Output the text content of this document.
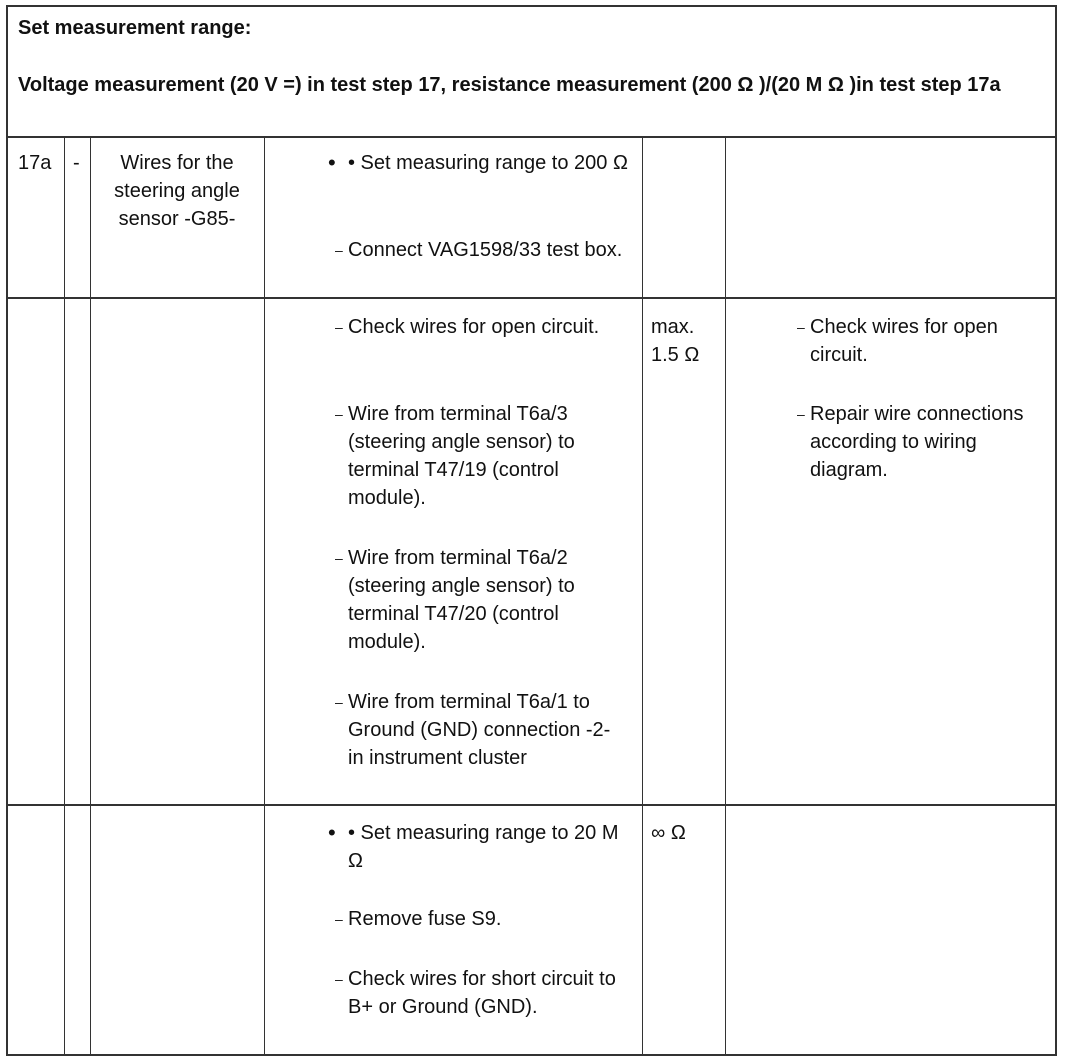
Set measurement range:
Voltage measurement (20 V =) in test step 17, resistance measurement (200 Ω )/(20 M Ω )in test step 17a
17a -	Wires for the steering angle sensor -G85-
• • Set measuring range to 200 Ω
‒ Connect VAG1598/33 test box.
‒ Check wires for open circuit.
‒ Wire from terminal T6a/3 (steering angle sensor) to terminal T47/19 (control module).
‒ Wire from terminal T6a/2 (steering angle sensor) to terminal T47/20 (control module).
‒ Wire from terminal T6a/1 to Ground (GND) connection -2- in instrument cluster
max. 1.5 Ω
‒ Check wires for open circuit.
‒ Repair wire connections according to wiring diagram.
• • Set measuring range to 20 M Ω
‒ Remove fuse S9.
‒ Check wires for short circuit to B+ or Ground (GND).
∞ Ω
